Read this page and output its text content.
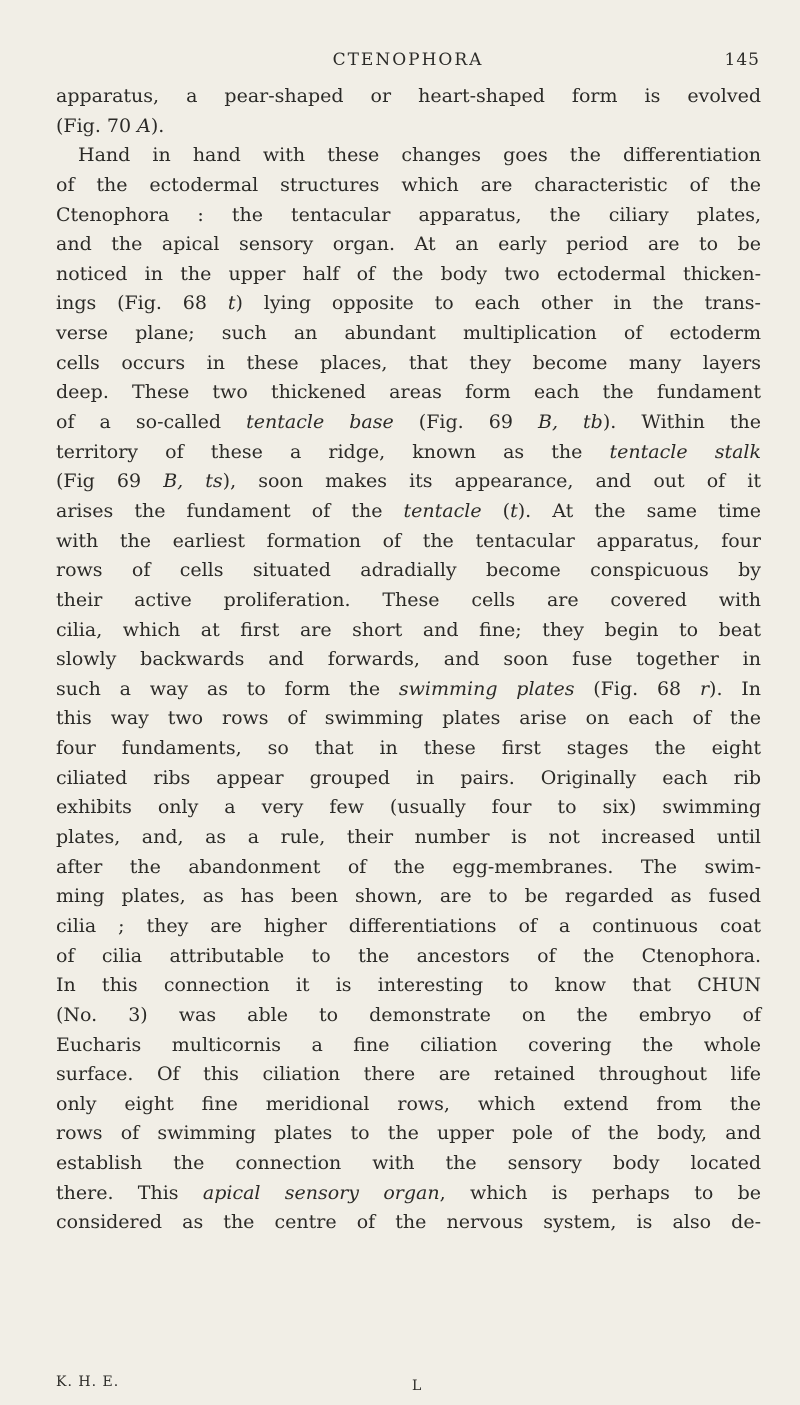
CTENOPHORA	145
apparatus, a pear-shaped or heart-shaped form is evolved
(Fig. 70 A).
Hand in hand with these changes goes the differentiation
of the ectodermal structures which are characteristic of the
Ctenophora : the tentacular apparatus, the ciliary plates,
and the apical sensory organ. At an early period are to be
noticed in the upper half of the body two ectodermal thicken-
ings (Fig. 68 t) lying opposite to each other in the trans-
verse plane; such an abundant multiplication of ectoderm
cells occurs in these places, that they become many layers
deep. These two thickened areas form each the fundament
of a so-called tentacle base (Fig. 69 B, tb). Within the
territory of these a ridge, known as the tentacle stalk
(Fig 69 B, ts), soon makes its appearance, and out of it
arises the fundament of the tentacle (t). At the same time
with the earliest formation of the tentacular apparatus, four
rows of cells situated adradially become conspicuous by
their active proliferation. These cells are covered with
cilia, which at first are short and fine; they begin to beat
slowly backwards and forwards, and soon fuse together in
such a way as to form the swimming plates (Fig. 68 r). In
this way two rows of swimming plates arise on each of the
four fundaments, so that in these first stages the eight
ciliated ribs appear grouped in pairs. Originally each rib
exhibits only a very few (usually four to six) swimming
plates, and, as a rule, their number is not increased until
after the abandonment of the egg-membranes. The swim-
ming plates, as has been shown, are to be regarded as fused
cilia ; they are higher differentiations of a continuous coat
of cilia attributable to the ancestors of the Ctenophora.
In this connection it is interesting to know that CHUN
(No. 3) was able to demonstrate on the embryo of
Eucharis multicornis a fine ciliation covering the whole
surface. Of this ciliation there are retained throughout life
only eight fine meridional rows, which extend from the
rows of swimming plates to the upper pole of the body, and
establish the connection with the sensory body located
there. This apical sensory organ, which is perhaps to be
considered as the centre of the nervous system, is also de-
K. H. E.	L
